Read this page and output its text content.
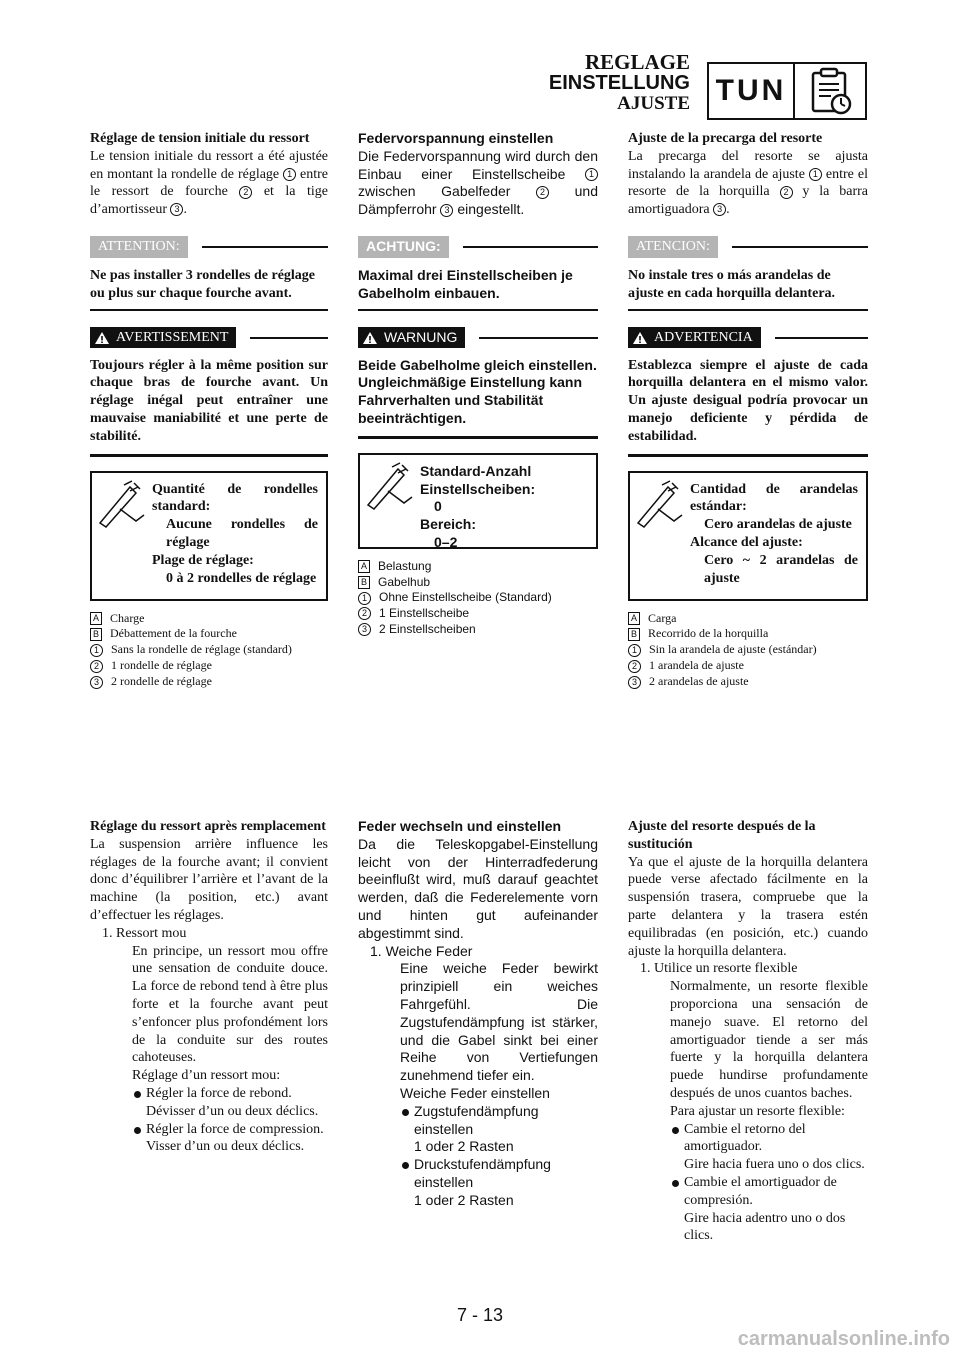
REGLAGE
EINSTELLUNG
AJUSTE TUN
Réglage de tension initiale du ressort
Le tension initiale du ressort a été ajustée en montant la rondelle de réglage 1 entre le ressort de fourche 2 et la tige d’amortisseur 3 .
ATTENTION:
Ne pas installer 3 rondelles de réglage ou plus sur chaque fourche avant.
AVERTISSEMENT
Toujours régler à la même position sur chaque bras de fourche avant. Un réglage inégal peut entraîner une mauvaise maniabilité et une perte de stabilité.
Quantité de rondelles standard:
Aucune rondelles de réglage
Plage de réglage:
0 à 2 rondelles de réglage
A Charge
B Débattement de la fourche
1 Sans la rondelle de réglage (standard)
2 1 rondelle de réglage
3 2 rondelle de réglage
Federvorspannung einstellen
Die Federvorspannung wird durch den Einbau einer Einstellscheibe 1 zwischen Gabelfeder 2 und Dämpferrohr 3 eingestellt.
ACHTUNG:
Maximal drei Einstellscheiben je Gabelholm einbauen.
WARNUNG
Beide Gabelholme gleich einstellen. Ungleichmäßige Einstellung kann Fahrverhalten und Stabilität beeinträchtigen.
Standard-Anzahl Einstellscheiben:
0
Bereich:
0–2
A Belastung
B Gabelhub
1 Ohne Einstellscheibe (Standard)
2 1 Einstellscheibe
3 2 Einstellscheiben
Ajuste de la precarga del resorte
La precarga del resorte se ajusta instalando la arandela de ajuste 1 entre el resorte de la horquilla 2 y la barra amortiguadora 3 .
ATENCION:
No instale tres o más arandelas de ajuste en cada horquilla delantera.
ADVERTENCIA
Establezca siempre el ajuste de cada horquilla delantera en el mismo valor. Un ajuste desigual podría provocar un manejo deficiente y pérdida de estabilidad.
Cantidad de arandelas estándar:
Cero arandelas de ajuste
Alcance del ajuste:
Cero ~ 2 arandelas de ajuste
A Carga
B Recorrido de la horquilla
1 Sin la arandela de ajuste (estándar)
2 1 arandela de ajuste
3 2 arandelas de ajuste
Réglage du ressort après remplacement
La suspension arrière influence les réglages de la fourche avant; il convient donc d’équilibrer l’arrière et l’avant de la machine (la position, etc.) avant d’effectuer les réglages.
1. Ressort mou
En principe, un ressort mou offre une sensation de conduite douce. La force de rebond tend à être plus forte et la fourche avant peut s’enfoncer plus profondément lors de la conduite sur des routes cahoteuses.
Réglage d’un ressort mou:
Régler la force de rebond.
Dévisser d’un ou deux déclics.
Régler la force de compression.
Visser d’un ou deux déclics.
Feder wechseln und einstellen
Da die Teleskopgabel-Einstellung leicht von der Hinterradfederung beeinflußt wird, muß darauf geachtet werden, daß die Federelemente vorn und hinten gut aufeinander abgestimmt sind.
1. Weiche Feder
Eine weiche Feder bewirkt prinzipiell ein weiches Fahrgefühl. Die Zugstufendämpfung ist stärker, und die Gabel sinkt bei einer Reihe von Vertiefungen zunehmend tiefer ein.
Weiche Feder einstellen
Zugstufendämpfung einstellen
1 oder 2 Rasten
Druckstufendämpfung einstellen
1 oder 2 Rasten
Ajuste del resorte después de la sustitución
Ya que el ajuste de la horquilla delantera puede verse afectado fácilmente en la suspensión trasera, compruebe que la parte delantera y la trasera estén equilibradas (en posición, etc.) cuando ajuste la horquilla delantera.
1. Utilice un resorte flexible
Normalmente, un resorte flexible proporciona una sensación de manejo suave. El retorno del amortiguador tiende a ser más fuerte y la horquilla delantera puede hundirse profundamente después de unos cuantos baches.
Para ajustar un resorte flexible:
Cambie el retorno del amortiguador.
Gire hacia fuera uno o dos clics.
Cambie el amortiguador de compresión.
Gire hacia adentro uno o dos clics.
7 - 13
carmanualsonline.info
